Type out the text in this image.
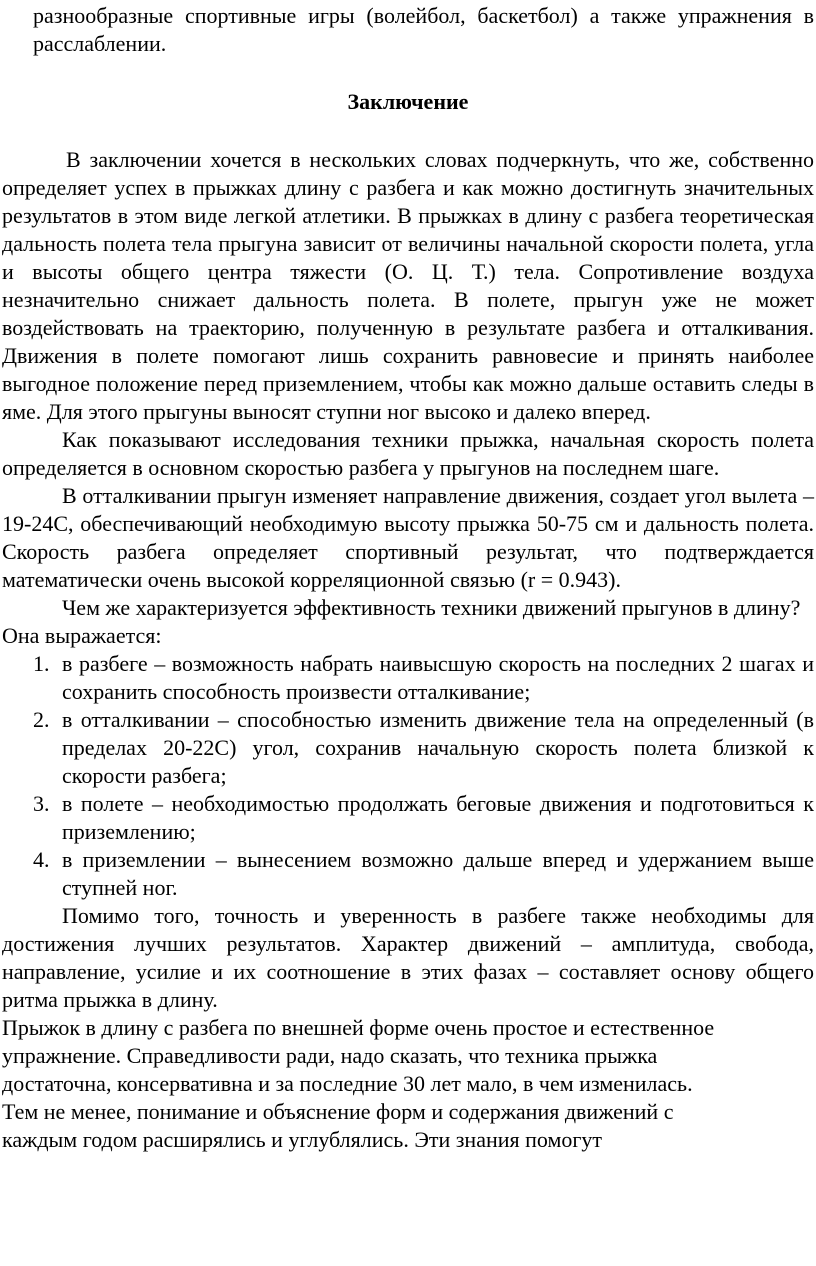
разнообразные спортивные игры (волейбол, баскетбол) а также упражнения в расслаблении.

Заключение

В заключении хочется в нескольких словах подчеркнуть, что же, собственно определяет успех в прыжках длину с разбега и как можно достигнуть значительных результатов в этом виде легкой атлетики. В прыжках в длину с разбега теоретическая дальность полета тела прыгуна зависит от величины начальной скорости полета, угла и высоты общего центра тяжести (О. Ц. Т.) тела. Сопротивление воздуха незначительно снижает дальность полета. В полете, прыгун уже не может воздействовать на траекторию, полученную в результате разбега и отталкивания. Движения в полете помогают лишь сохранить равновесие и принять наиболее выгодное положение перед приземлением, чтобы как можно дальше оставить следы в яме. Для этого прыгуны выносят ступни ног высоко и далеко вперед.

Как показывают исследования техники прыжка, начальная скорость полета определяется в основном скоростью разбега у прыгунов на последнем шаге.

В отталкивании прыгун изменяет направление движения, создает угол вылета – 19-24С, обеспечивающий необходимую высоту прыжка 50-75 см и дальность полета. Скорость разбега определяет спортивный результат, что подтверждается математически очень высокой корреляционной связью (r = 0.943).

Чем же характеризуется эффективность техники движений прыгунов в длину?

Она выражается:

1. в разбеге – возможность набрать наивысшую скорость на последних 2 шагах и сохранить способность произвести отталкивание;
2. в отталкивании – способностью изменить движение тела на определенный (в пределах 20-22С) угол, сохранив начальную скорость полета близкой к скорости разбега;
3. в полете – необходимостью продолжать беговые движения и подготовиться к приземлению;
4. в приземлении – вынесением возможно дальше вперед и удержанием выше ступней ног.

Помимо того, точность и уверенность в разбеге также необходимы для достижения лучших результатов. Характер движений – амплитуда, свобода, направление, усилие и их соотношение в этих фазах – составляет основу общего ритма прыжка в длину.

Прыжок в длину с разбега по внешней форме очень простое и естественное

упражнение. Справедливости ради, надо сказать, что техника прыжка

достаточна, консервативна и за последние 30 лет мало, в чем изменилась.

Тем не менее, понимание и объяснение форм и содержания движений с

каждым годом расширялись и углублялись. Эти знания помогут
